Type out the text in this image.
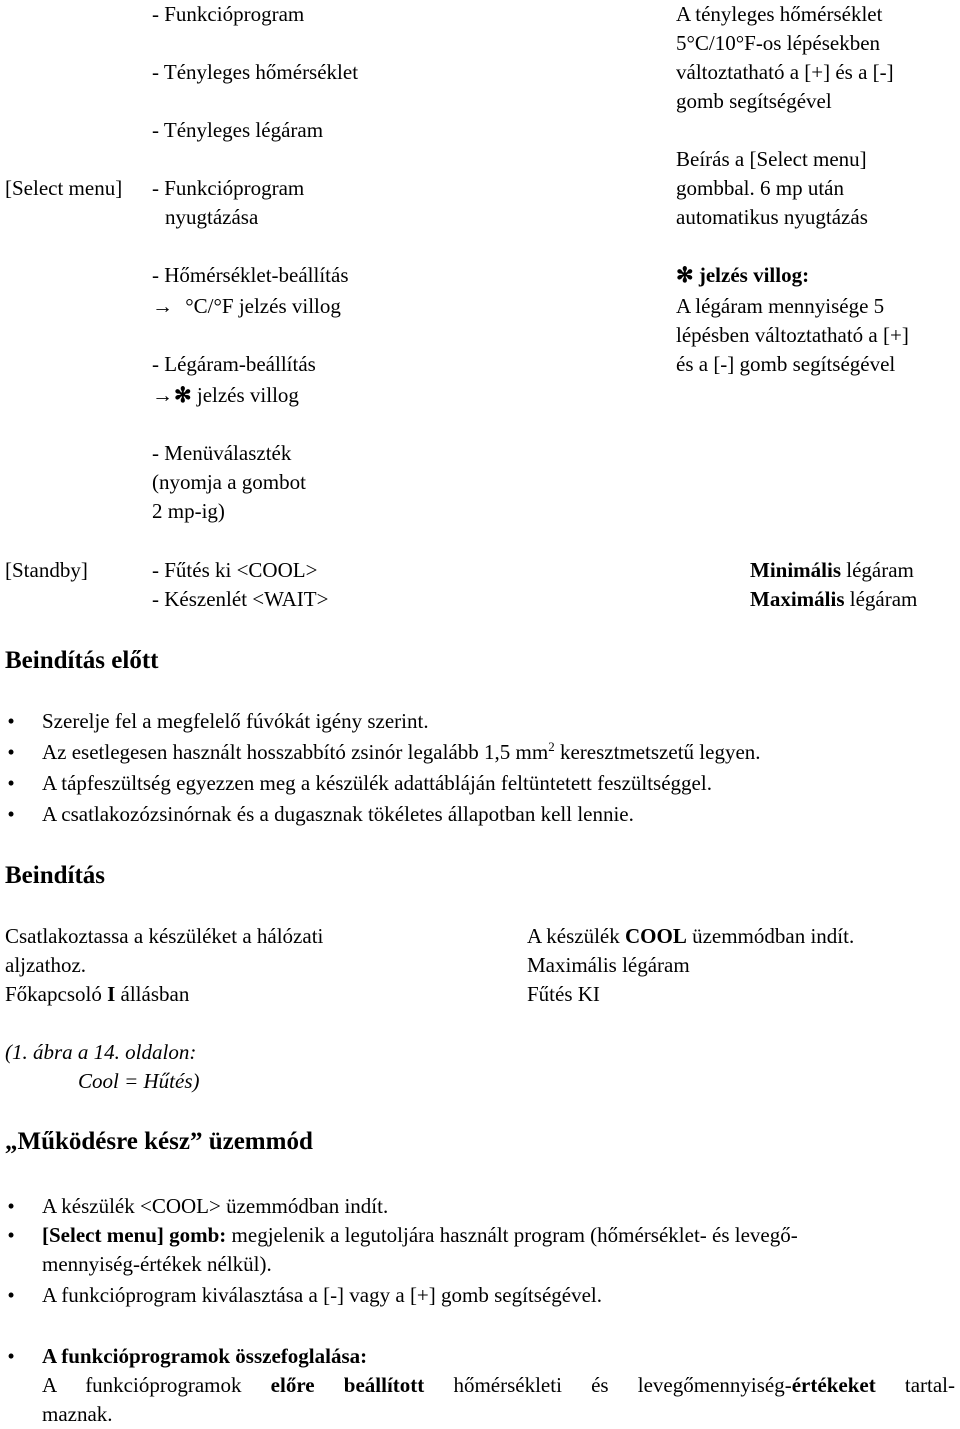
- Funkcióprogram
- Tényleges hőmérséklet
- Tényleges légáram
[Select menu] - Funkcióprogram
nyugtázása
- Hőmérséklet-beállítás
→ °C/°F jelzés villog
- Légáram-beállítás
→✻ jelzés villog
- Menüválaszték
(nyomja a gombot
2 mp-ig)
A tényleges hőmérséklet
5°C/10°F-os lépésekben
változtatható a [+] és a [-]
gomb segítségével
Beírás a [Select menu]
gombbal. 6 mp után
automatikus nyugtázás
✻ jelzés villog:
A légáram mennyisége 5
lépésben változtatható a [+]
és a [-] gomb segítségével
[Standby]	- Fűtés ki <COOL>
- Készenlét <WAIT>
Minimális légáram
Maximális légáram
Beindítás előtt
• Szerelje fel a megfelelő fúvókát igény szerint.
• Az esetlegesen használt hosszabbító zsinór legalább 1,5 $mm^2$ keresztmetszetű legyen.
• A tápfeszültség egyezzen meg a készülék adattábláján feltüntetett feszültséggel.
• A csatlakozózsinórnak és a dugasznak tökéletes állapotban kell lennie.
Beindítás
Csatlakoztassa a készüléket a hálózati
aljzathoz.
Főkapcsoló I állásban
A készülék COOL üzemmódban indít.
Maximális légáram
Fűtés KI
(1. ábra a 14. oldalon:
Cool = Hűtés)
„Működésre kész” üzemmód
• A készülék <COOL> üzemmódban indít.
• [Select menu] gomb: megjelenik a legutoljára használt program (hőmérséklet- és levegő-
mennyiség-értékek nélkül).
• A funkcióprogram kiválasztása a [-] vagy a [+] gomb segítségével.
• A funkcióprogramok összefoglalása:
A funkcióprogramok előre beállított hőmérsékleti és levegőmennyiség-értékeket tartal-
maznak.
